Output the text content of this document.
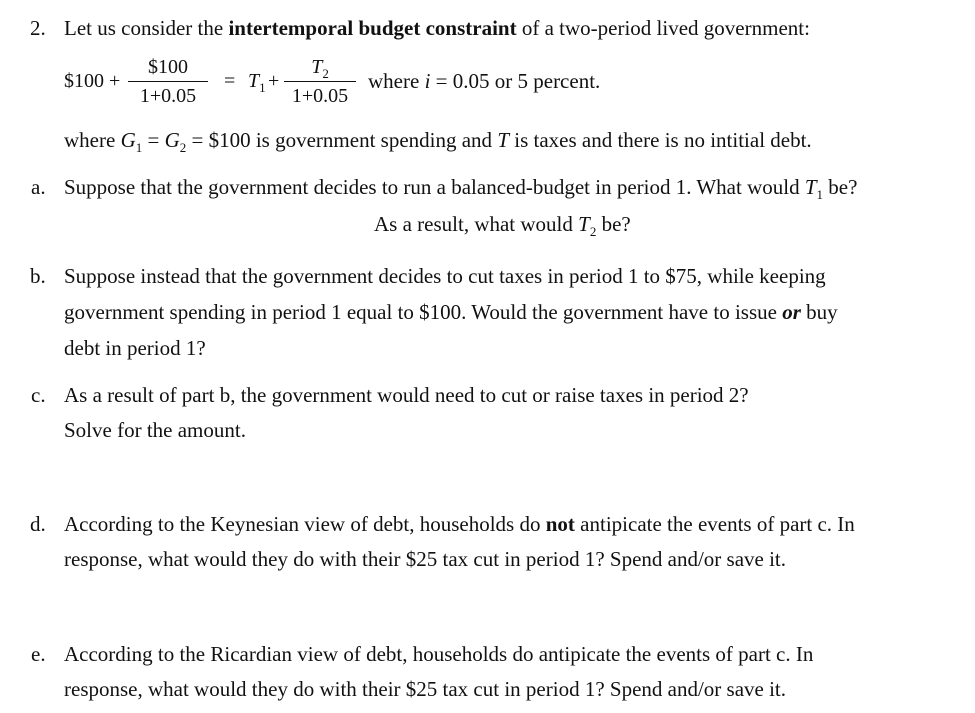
2. Let us consider the intertemporal budget constraint of a two-period lived government:
$100 +
$100
1+0.05
= $T_1$ +
$T_2$
1+0.05
where i = 0.05 or 5 percent.
where $G_1 = G_2$ = $100 is government spending and T is taxes and there is no intitial debt.
a. Suppose that the government decides to run a balanced-budget in period 1. What would $T_1$ be?
As a result, what would $T_2$ be?
b. Suppose instead that the government decides to cut taxes in period 1 to $75, while keeping
government spending in period 1 equal to $100. Would the government have to issue or buy
debt in period 1?
c. As a result of part b, the government would need to cut or raise taxes in period 2?
Solve for the amount.
d. According to the Keynesian view of debt, households do not antipicate the events of part c. In
response, what would they do with their $25 tax cut in period 1? Spend and/or save it.
e. According to the Ricardian view of debt, households do antipicate the events of part c. In
response, what would they do with their $25 tax cut in period 1? Spend and/or save it.
